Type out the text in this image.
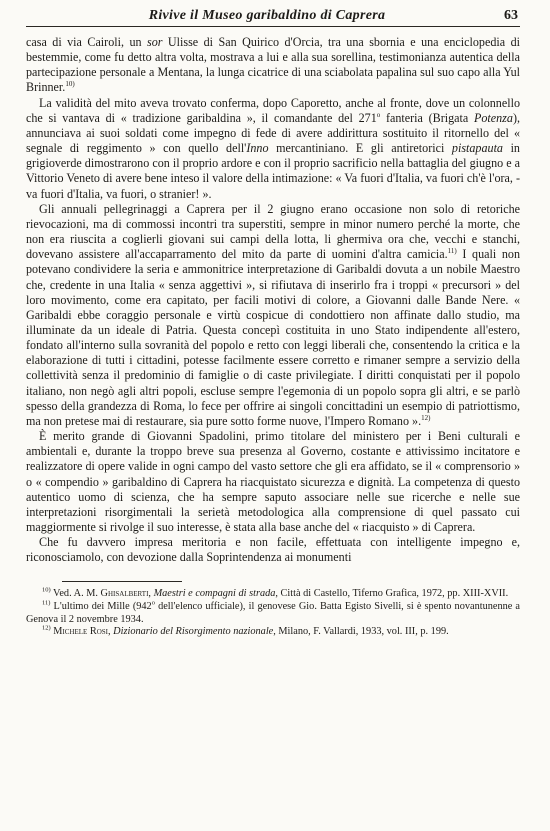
Rivive il Museo garibaldino di Caprera	63

casa di via Cairoli, un sor Ulisse di San Quirico d'Orcia, tra una sbornia e una enciclopedia di bestemmie, come fu detto altra volta, mostrava a lui e alla sua sorellina, testimonianza autentica della partecipazione personale a Mentana, la lunga cicatrice di una sciabolata papalina sul suo capo alla Yul Brinner.$^{10)}$

La validità del mito aveva trovato conferma, dopo Caporetto, anche al fronte, dove un colonnello che si vantava di « tradizione garibaldina », il comandante del 271$^o$ fanteria (Brigata Potenza), annunciava ai suoi soldati come impegno di fede di avere addirittura sostituito il ritornello del « segnale di reggimento » con quello dell'Inno mercantiniano. E gli antiretorici pistapauta in grigioverde dimostrarono con il proprio ardore e con il proprio sacrificio nella battaglia del giugno e a Vittorio Veneto di avere bene inteso il valore della intimazione: « Va fuori d'Italia, va fuori ch'è l'ora, - va fuori d'Italia, va fuori, o stranier! ».

Gli annuali pellegrinaggi a Caprera per il 2 giugno erano occasione non solo di retoriche rievocazioni, ma di commossi incontri tra superstiti, sempre in minor numero perché la morte, che non era riuscita a coglierli giovani sui campi della lotta, li ghermiva ora che, vecchi e stanchi, dovevano assistere all'accaparramento del mito da parte di uomini d'altra camicia.$^{11)}$ I quali non potevano condividere la seria e ammonitrice interpretazione di Garibaldi dovuta a un nobile Maestro che, credente in una Italia « senza aggettivi », si rifiutava di inserirlo fra i troppi « precursori » del loro movimento, come era capitato, per facili motivi di colore, a Giovanni dalle Bande Nere. « Garibaldi ebbe coraggio personale e virtù cospicue di condottiero non affinate dallo studio, ma illuminate da un ideale di Patria. Questa concepì costituita in uno Stato indipendente all'estero, fondato all'interno sulla sovranità del popolo e retto con leggi liberali che, consentendo la critica e la elaborazione di tutti i cittadini, potesse facilmente essere corretto e rimaner sempre a servizio della collettività senza il predominio di famiglie o di caste privilegiate. I diritti conquistati per il popolo italiano, non negò agli altri popoli, escluse sempre l'egemonia di un popolo sopra gli altri, e se parlò spesso della grandezza di Roma, lo fece per offrire ai singoli concittadini un esempio di patriottismo, ma non pretese mai di restaurare, sia pure sotto forme nuove, l'Impero Romano ».$^{12)}$

È merito grande di Giovanni Spadolini, primo titolare del ministero per i Beni culturali e ambientali e, durante la troppo breve sua presenza al Governo, costante e attivissimo incitatore e realizzatore di opere valide in ogni campo del vasto settore che gli era affidato, se il « comprensorio » o « compendio » garibaldino di Caprera ha riacquistato sicurezza e dignità. La competenza di questo autentico uomo di scienza, che ha sempre saputo associare nelle sue ricerche e nelle sue interpretazioni risorgimentali la serietà metodologica alla comprensione di quel passato cui maggiormente si rivolge il suo interesse, è stata alla base anche del « riacquisto » di Caprera.

Che fu davvero impresa meritoria e non facile, effettuata con intelligente impegno e, riconosciamolo, con devozione dalla Soprintendenza ai monumenti

$^{10)}$ Ved. A. M. Ghisalberti, Maestri e compagni di strada, Città di Castello, Tiferno Grafica, 1972, pp. XIII-XVII.

$^{11)}$ L'ultimo dei Mille (942$^o$ dell'elenco ufficiale), il genovese Gio. Batta Egisto Sivelli, si è spento novantunenne a Genova il 2 novembre 1934.

$^{12)}$ Michele Rosi, Dizionario del Risorgimento nazionale, Milano, F. Vallardi, 1933, vol. III, p. 199.
